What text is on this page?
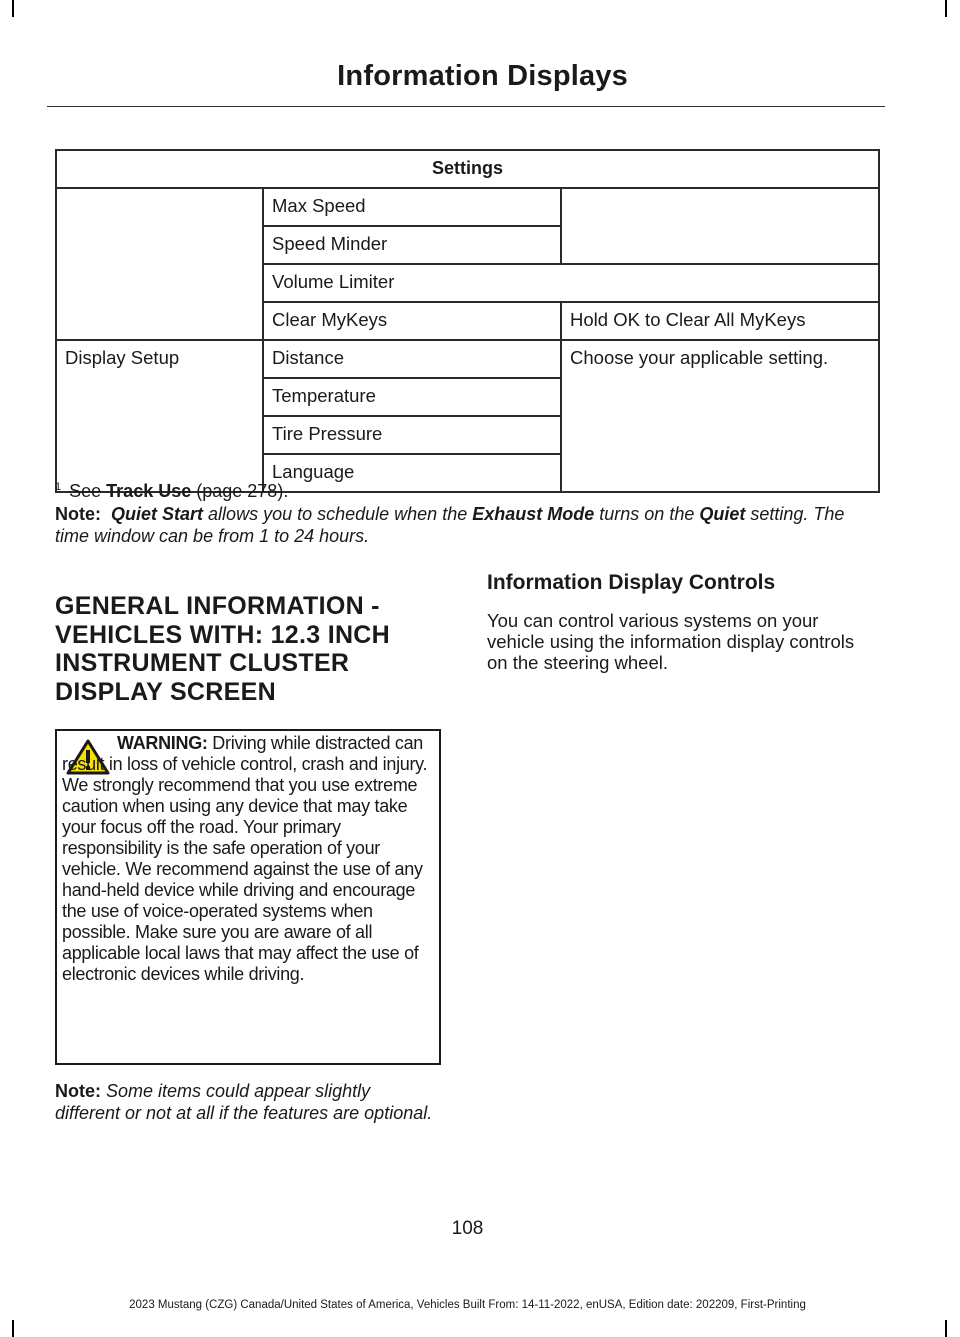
Information Displays
Settings		
	Max Speed	
	Speed Minder	
	Volume Limiter	
	Clear MyKeys	Hold OK to Clear All MyKeys
Display Setup	Distance	Choose your applicable setting.
	Temperature	
	Tire Pressure	
	Language	

$^1$ See Track Use (page 278).

Note: Quiet Start allows you to schedule when the Exhaust Mode turns on the Quiet setting. The time window can be from 1 to 24 hours.

GENERAL INFORMATION - VEHICLES WITH: 12.3 INCH INSTRUMENT CLUSTER DISPLAY SCREEN

WARNING: Driving while distracted can result in loss of vehicle control, crash and injury. We strongly recommend that you use extreme caution when using any device that may take your focus off the road. Your primary responsibility is the safe operation of your vehicle. We recommend against the use of any hand-held device while driving and encourage the use of voice-operated systems when possible. Make sure you are aware of all applicable local laws that may affect the use of electronic devices while driving.

Note: Some items could appear slightly different or not at all if the features are optional.

Information Display Controls

You can control various systems on your vehicle using the information display controls on the steering wheel.

108

2023 Mustang (CZG) Canada/United States of America, Vehicles Built From: 14-11-2022, enUSA, Edition date: 202209, First-Printing
